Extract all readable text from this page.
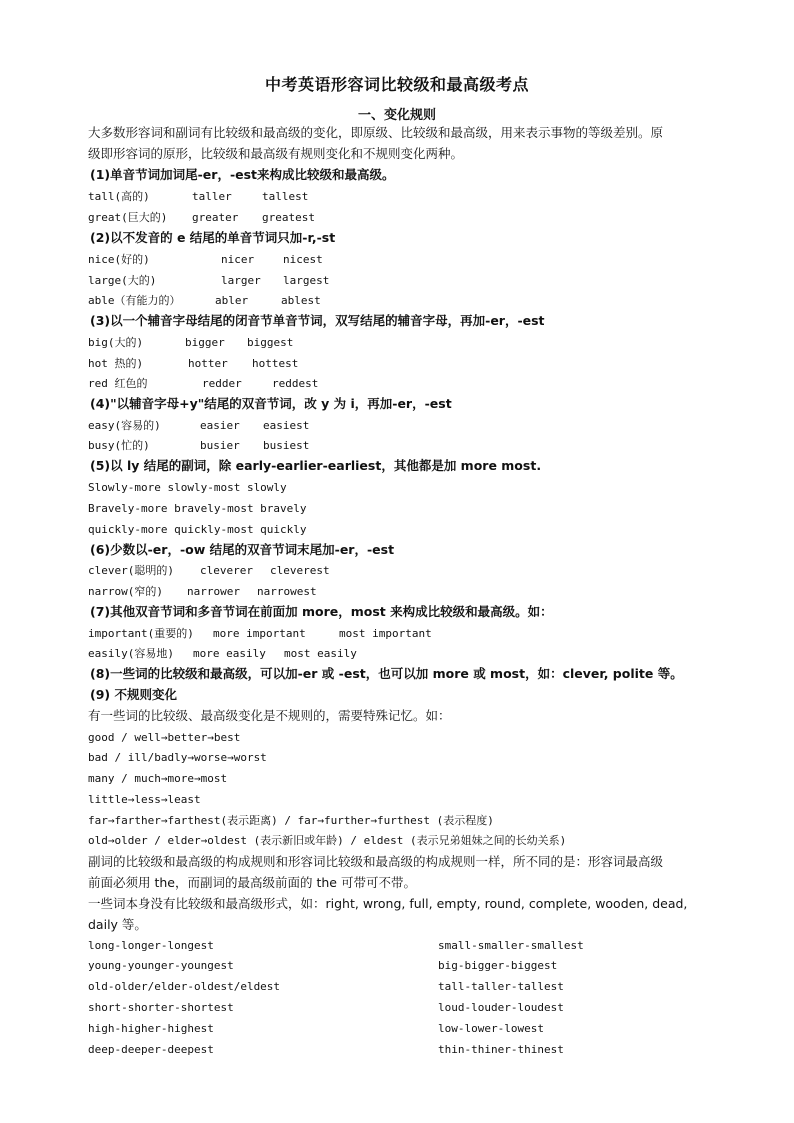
中考英语形容词比较级和最高级考点
一、变化规则
大多数形容词和副词有比较级和最高级的变化，即原级、比较级和最高级，用来表示事物的等级差别。原
级即形容词的原形，比较级和最高级有规则变化和不规则变化两种。
(1)单音节词加词尾-er，-est来构成比较级和最高级。
tall(高的)	taller	tallest
great(巨大的) greater greatest
(2)以不发音的 e 结尾的单音节词只加-r,-st
nice(好的)	nicer	nicest
large(大的)	larger largest
able（有能力的）	abler	ablest
(3)以一个辅音字母结尾的闭音节单音节词，双写结尾的辅音字母，再加-er，-est
big(大的)	bigger biggest
hot 热的)	hotter hottest
red 红色的	redder	reddest
(4)"以辅音字母+y"结尾的双音节词，改 y 为 i，再加-er，-est
easy(容易的)	easier easiest
busy(忙的)	busier busiest
(5)以 ly 结尾的副词，除 early-earlier-earliest，其他都是加 more most.
Slowly-more slowly-most slowly
Bravely-more bravely-most bravely
quickly-more quickly-most quickly
(6)少数以-er，-ow 结尾的双音节词末尾加-er，-est
clever(聪明的) cleverer cleverest
narrow(窄的) narrower narrowest
(7)其他双音节词和多音节词在前面加 more，most 来构成比较级和最高级。如：
important(重要的) more important	most important
easily(容易地) more easily most easily
(8)一些词的比较级和最高级，可以加-er 或 -est，也可以加 more 或 most，如：clever, polite 等。
(9) 不规则变化
有一些词的比较级、最高级变化是不规则的，需要特殊记忆。如：
good / well→better→best
bad / ill/badly→worse→worst
many / much→more→most
little→less→least
far→farther→farthest(表示距离) / far→further→furthest (表示程度)
old→older / elder→oldest (表示新旧或年龄) / eldest (表示兄弟姐妹之间的长幼关系)
副词的比较级和最高级的构成规则和形容词比较级和最高级的构成规则一样，所不同的是：形容词最高级
前面必须用 the，而副词的最高级前面的 the 可带可不带。
一些词本身没有比较级和最高级形式，如：right, wrong, full, empty, round, complete, wooden, dead,
daily 等。
long-longer-longest	small-smaller-smallest
young-younger-youngest	big-bigger-biggest
old-older/elder-oldest/eldest	tall-taller-tallest
short-shorter-shortest	loud-louder-loudest
high-higher-highest	low-lower-lowest
deep-deeper-deepest	thin-thiner-thinest
